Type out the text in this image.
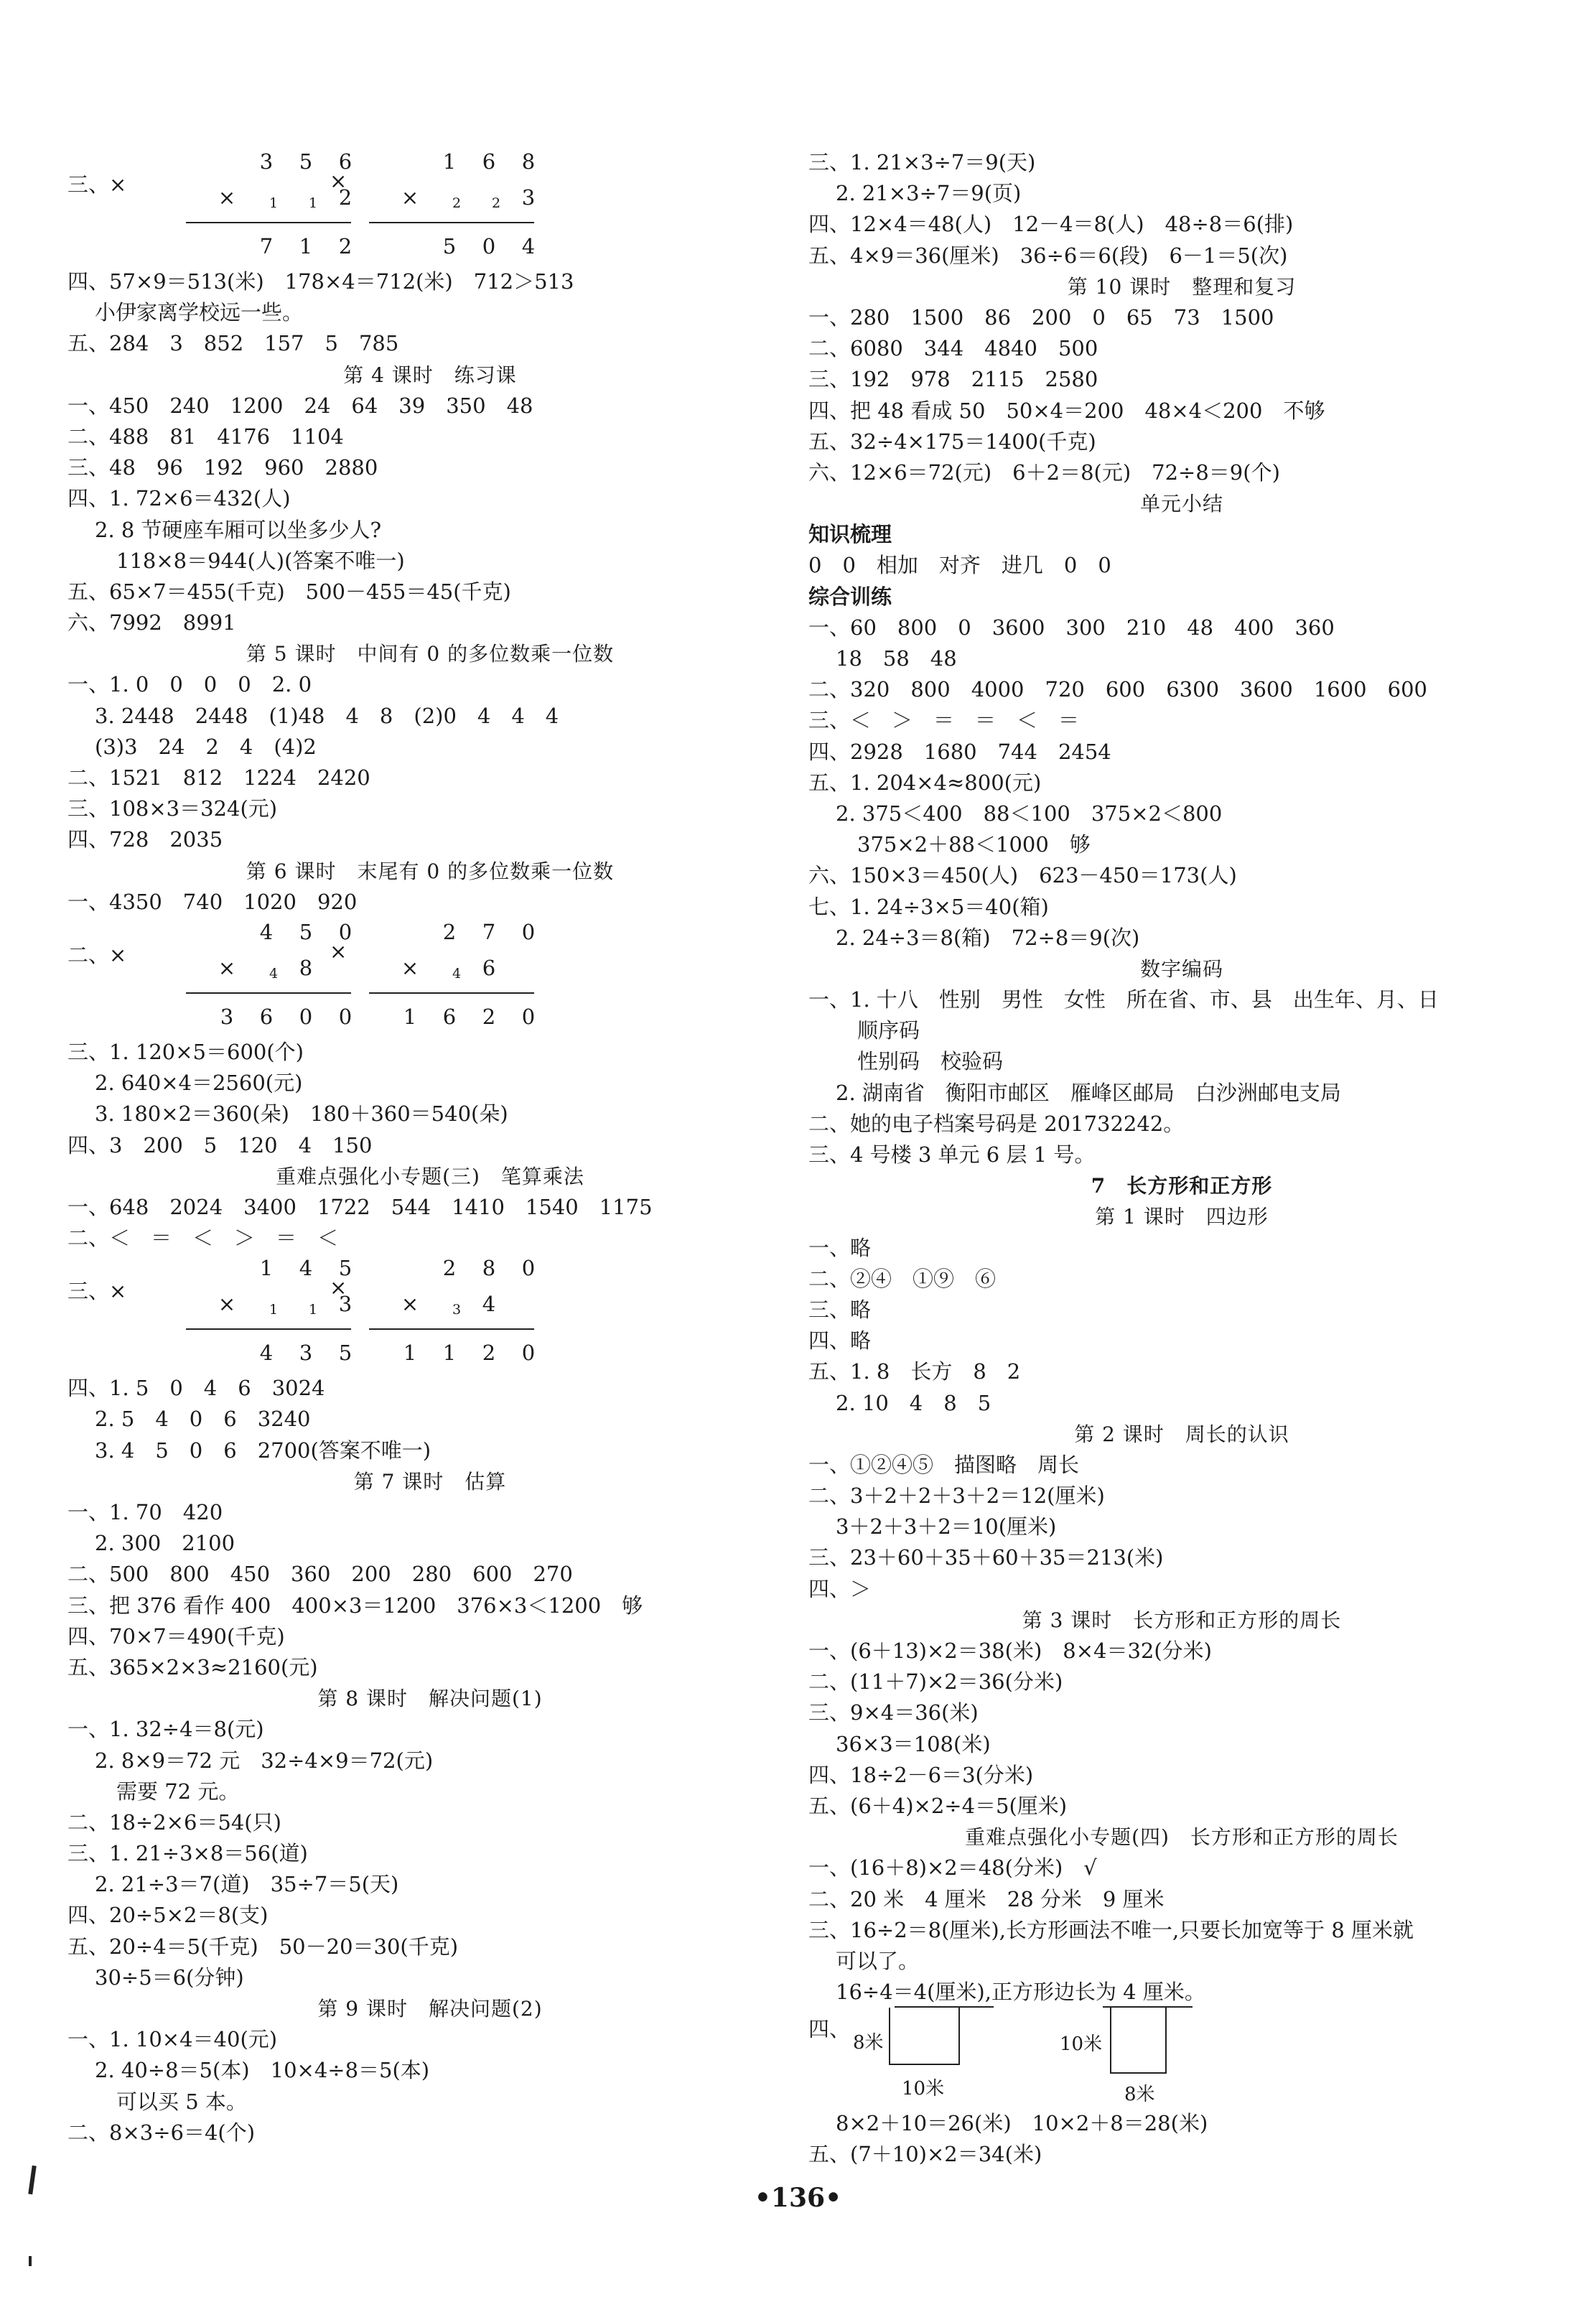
三、×
3	5	6
×	1	1	2
7	1	2
×
1	6	8
×	2	2	3
5	0	4
四、57×9＝513(米)　178×4＝712(米)　712＞513
小伊家离学校远一些。
五、284　3　852　157　5　785
第 4 课时　练习课
一、450　240　1200　24　64　39　350　48
二、488　81　4176　1104
三、48　96　192　960　2880
四、1. 72×6＝432(人)
2. 8 节硬座车厢可以坐多少人?
118×8＝944(人)(答案不唯一)
五、65×7＝455(千克)　500－455＝45(千克)
六、7992　8991
第 5 课时　中间有 0 的多位数乘一位数
一、1. 0　0　0　0　2. 0
3. 2448　2448　(1)48　4　8　(2)0　4　4　4
(3)3　24　2　4　(4)2
二、1521　812　1224　2420
三、108×3＝324(元)
四、728　2035
第 6 课时　末尾有 0 的多位数乘一位数
一、4350　740　1020　920
二、×
4	5	0
×	4	8
3	6	0	0
×
2	7	0
×	4	6
1	6	2	0
三、1. 120×5＝600(个)
2. 640×4＝2560(元)
3. 180×2＝360(朵)　180＋360＝540(朵)
四、3　200　5　120　4　150
重难点强化小专题(三)　笔算乘法
一、648　2024　3400　1722　544　1410　1540　1175
二、＜　＝　＜　＞　＝　＜
三、×
1	4	5
×	1	1	3
4	3	5
×
2	8	0
×	3	4
1	1	2	0
四、1. 5　0　4　6　3024
2. 5　4　0　6　3240
3. 4　5　0　6　2700(答案不唯一)
第 7 课时　估算
一、1. 70　420
2. 300　2100
二、500　800　450　360　200　280　600　270
三、把 376 看作 400　400×3＝1200　376×3＜1200　够
四、70×7＝490(千克)
五、365×2×3≈2160(元)
第 8 课时　解决问题(1)
一、1. 32÷4＝8(元)
2. 8×9＝72 元　32÷4×9＝72(元)
需要 72 元。
二、18÷2×6＝54(只)
三、1. 21÷3×8＝56(道)
2. 21÷3＝7(道)　35÷7＝5(天)
四、20÷5×2＝8(支)
五、20÷4＝5(千克)　50－20＝30(千克)
30÷5＝6(分钟)
第 9 课时　解决问题(2)
一、1. 10×4＝40(元)
2. 40÷8＝5(本)　10×4÷8＝5(本)
可以买 5 本。
二、8×3÷6＝4(个)
三、1. 21×3÷7＝9(天)
2. 21×3÷7＝9(页)
四、12×4＝48(人)　12－4＝8(人)　48÷8＝6(排)
五、4×9＝36(厘米)　36÷6＝6(段)　6－1＝5(次)
第 10 课时　整理和复习
一、280　1500　86　200　0　65　73　1500
二、6080　344　4840　500
三、192　978　2115　2580
四、把 48 看成 50　50×4＝200　48×4＜200　不够
五、32÷4×175＝1400(千克)
六、12×6＝72(元)　6＋2＝8(元)　72÷8＝9(个)
单元小结
知识梳理
0　0　相加　对齐　进几　0　0
综合训练
一、60　800　0　3600　300　210　48　400　360
18　58　48
二、320　800　4000　720　600　6300　3600　1600　600
三、＜　＞　＝　＝　＜　＝
四、2928　1680　744　2454
五、1. 204×4≈800(元)
2. 375＜400　88＜100　375×2＜800
375×2＋88＜1000　够
六、150×3＝450(人)　623－450＝173(人)
七、1. 24÷3×5＝40(箱)
2. 24÷3＝8(箱)　72÷8＝9(次)
数字编码
一、1. 十八　性别　男性　女性　所在省、市、县　出生年、月、日
顺序码
性别码　校验码
2. 湖南省　衡阳市邮区　雁峰区邮局　白沙洲邮电支局
二、她的电子档案号码是 201732242。
三、4 号楼 3 单元 6 层 1 号。
7　长方形和正方形
第 1 课时　四边形
一、略
二、②④　①⑨　⑥
三、略
四、略
五、1. 8　长方　8　2
2. 10　4　8　5
第 2 课时　周长的认识
一、①②④⑤　描图略　周长
二、3＋2＋2＋3＋2＝12(厘米)
3＋2＋3＋2＝10(厘米)
三、23＋60＋35＋60＋35＝213(米)
四、＞
第 3 课时　长方形和正方形的周长
一、(6＋13)×2＝38(米)　8×4＝32(分米)
二、(11＋7)×2＝36(分米)
三、9×4＝36(米)
36×3＝108(米)
四、18÷2－6＝3(分米)
五、(6＋4)×2÷4＝5(厘米)
重难点强化小专题(四)　长方形和正方形的周长
一、(16＋8)×2＝48(分米)　√
二、20 米　4 厘米　28 分米　9 厘米
三、16÷2＝8(厘米),长方形画法不唯一,只要长加宽等于 8 厘米就
可以了。
16÷4＝4(厘米),正方形边长为 4 厘米。
四、
8米
10米
10米
8米
8×2＋10＝26(米)　10×2＋8＝28(米)
五、(7＋10)×2＝34(米)
•136•
